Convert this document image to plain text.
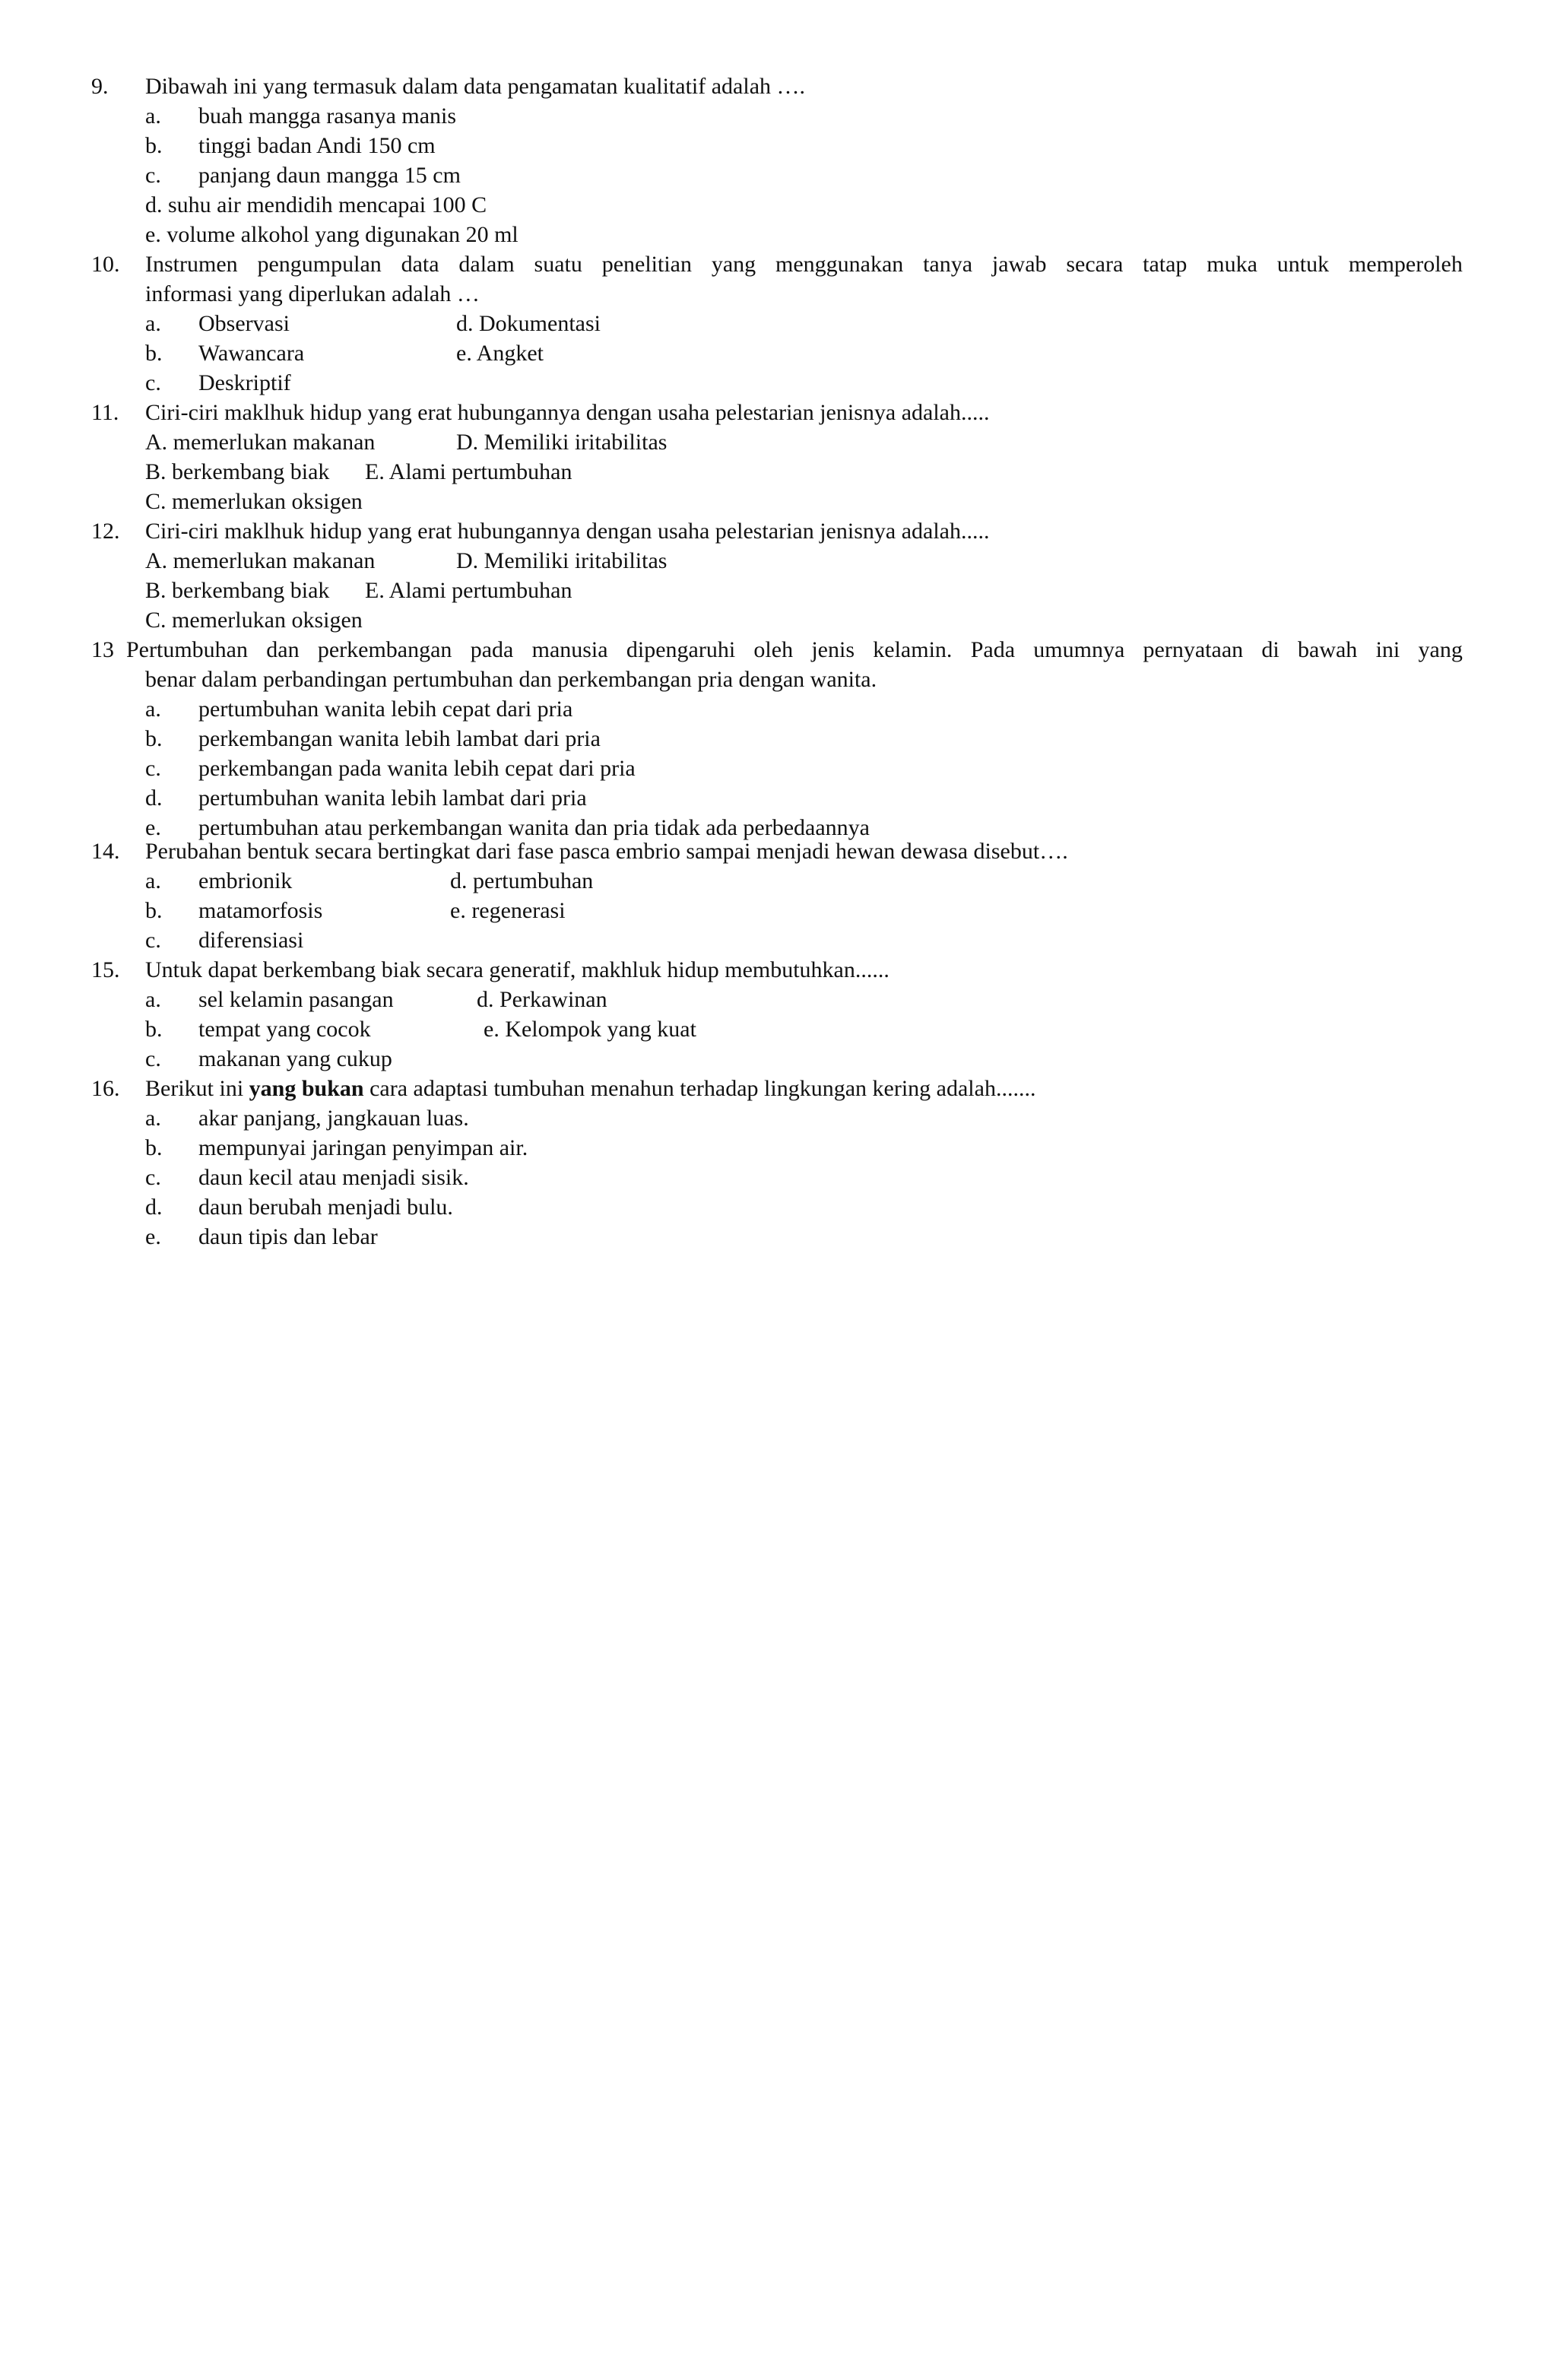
9. Dibawah ini yang termasuk dalam data pengamatan kualitatif adalah ….
a. buah mangga rasanya manis
b. tinggi badan Andi 150 cm
c. panjang daun mangga 15 cm
d. suhu air mendidih mencapai 100 C
e. volume alkohol yang digunakan 20 ml
10. Instrumen pengumpulan data dalam suatu penelitian yang menggunakan tanya jawab secara tatap muka untuk memperoleh
informasi yang diperlukan adalah …
a. Observasi	d. Dokumentasi
b. Wawancara	e. Angket
c. Deskriptif
11. Ciri-ciri maklhuk hidup yang erat hubungannya dengan usaha pelestarian jenisnya adalah.....
A. memerlukan makanan	D. Memiliki iritabilitas
B. berkembang biak E. Alami pertumbuhan
C. memerlukan oksigen
12. Ciri-ciri maklhuk hidup yang erat hubungannya dengan usaha pelestarian jenisnya adalah.....
A. memerlukan makanan	D. Memiliki iritabilitas
B. berkembang biak E. Alami pertumbuhan
C. memerlukan oksigen
13 Pertumbuhan dan perkembangan pada manusia dipengaruhi oleh jenis kelamin. Pada umumnya pernyataan di bawah ini yang
benar dalam perbandingan pertumbuhan dan perkembangan pria dengan wanita.
a. pertumbuhan wanita lebih cepat dari pria
b. perkembangan wanita lebih lambat dari pria
c. perkembangan pada wanita lebih cepat dari pria
d. pertumbuhan wanita lebih lambat dari pria
e. pertumbuhan atau perkembangan wanita dan pria tidak ada perbedaannya
14. Perubahan bentuk secara bertingkat dari fase pasca embrio sampai menjadi hewan dewasa disebut….
a. embrionik	d. pertumbuhan
b. matamorfosis	e. regenerasi
c. diferensiasi
15. Untuk dapat berkembang biak secara generatif, makhluk hidup membutuhkan......
a. sel kelamin pasangan	d. Perkawinan
b. tempat yang cocok	e. Kelompok yang kuat
c. makanan yang cukup
16. Berikut ini yang bukan cara adaptasi tumbuhan menahun terhadap lingkungan kering adalah.......
a. akar panjang, jangkauan luas.
b. mempunyai jaringan penyimpan air.
c. daun kecil atau menjadi sisik.
d. daun berubah menjadi bulu.
e. daun tipis dan lebar
